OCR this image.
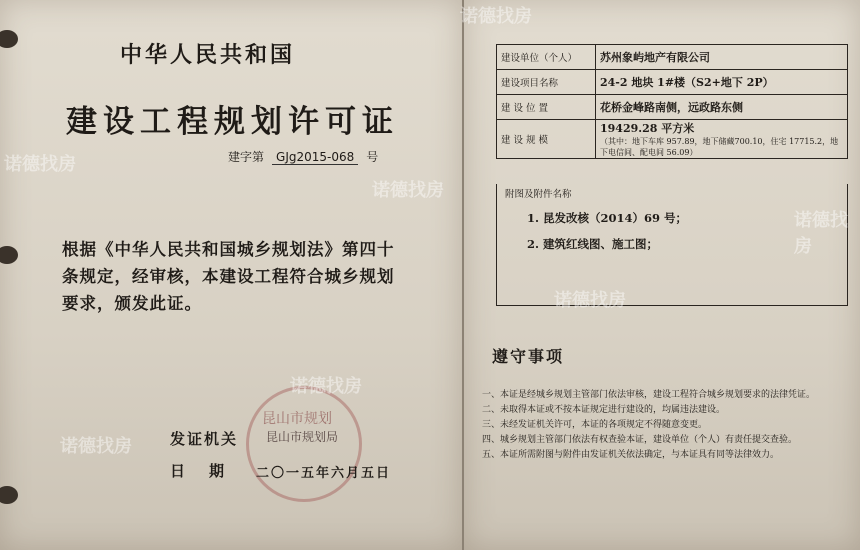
中华人民共和国
建设工程规划许可证
建字第 GJg2015-068 号
根据《中华人民共和国城乡规划法》第四十条规定，经审核，本建设工程符合城乡规划要求，颁发此证。
昆山市规划
昆山市规划局
发证机关
日 期 二〇一五年六月五日
诺德找房
诺德找房
诺德找房
诺德找房
建设单位（个人）	苏州象屿地产有限公司
建设项目名称	24-2 地块 1#楼（S2+地下 2P）
建 设 位 置	花桥金峰路南侧，远政路东侧
建 设 规 模	19429.28 平方米
（其中：地下车库 957.89，地下储藏700.10，住宅 17715.2，地下电信间、配电间 56.09）
附图及附件名称
1. 昆发改核（2014）69 号；
2. 建筑红线图、施工图；
遵守事项
一、本证是经城乡规划主管部门依法审核，建设工程符合城乡规划要求的法律凭证。
二、未取得本证或不按本证规定进行建设的，均属违法建设。
三、未经发证机关许可，本证的各项规定不得随意变更。
四、城乡规划主管部门依法有权查验本证，建设单位（个人）有责任提交查验。
五、本证所需附图与附件由发证机关依法确定，与本证具有同等法律效力。
诺德找房
诺德找房
诺德找房
